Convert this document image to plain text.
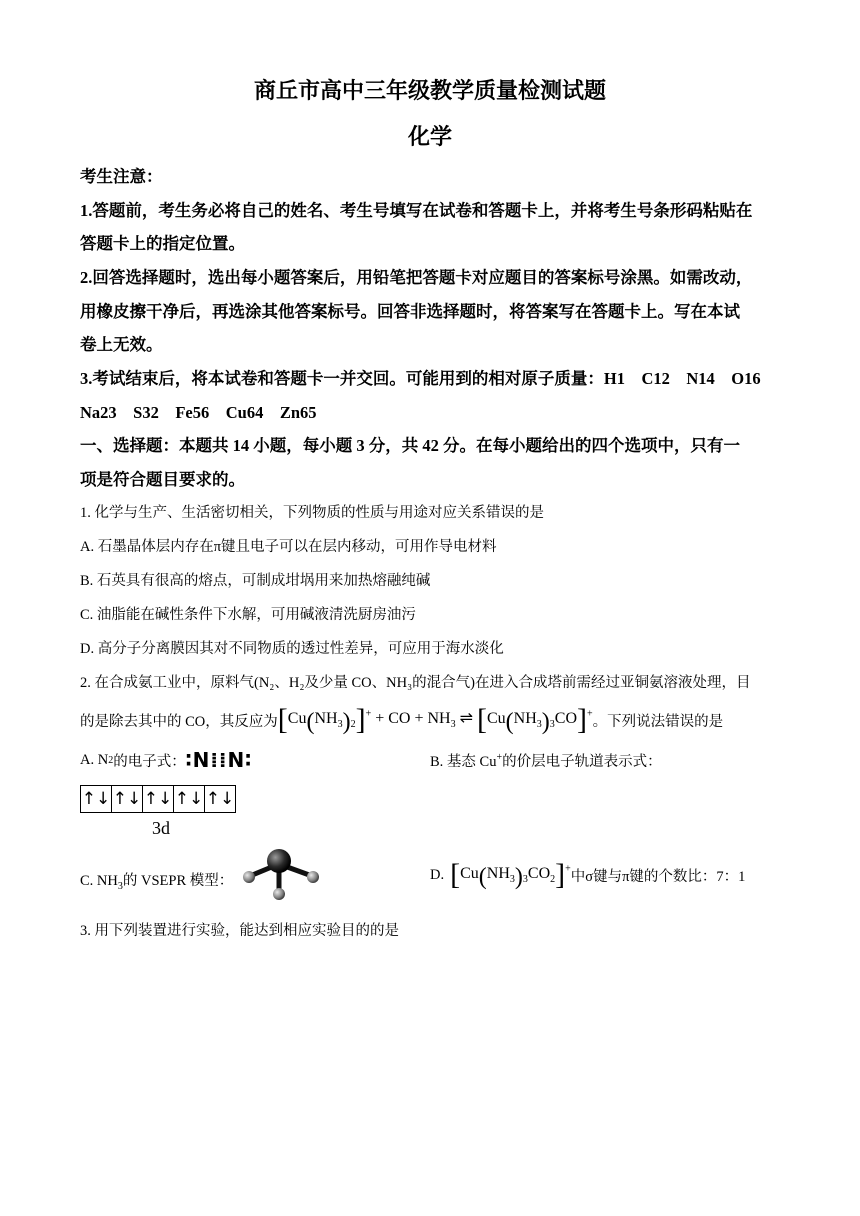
商丘市高中三年级教学质量检测试题
化学
考生注意：
1.答题前，考生务必将自己的姓名、考生号填写在试卷和答题卡上，并将考生号条形码粘贴在
答题卡上的指定位置。
2.回答选择题时，选出每小题答案后，用铅笔把答题卡对应题目的答案标号涂黑。如需改动，
用橡皮擦干净后，再选涂其他答案标号。回答非选择题时，将答案写在答题卡上。写在本试
卷上无效。
3.考试结束后，将本试卷和答题卡一并交回。可能用到的相对原子质量：H1　C12　N14　O16
Na23　S32　Fe56　Cu64　Zn65
一、选择题：本题共 14 小题，每小题 3 分，共 42 分。在每小题给出的四个选项中，只有一
项是符合题目要求的。
1. 化学与生产、生活密切相关，下列物质的性质与用途对应关系错误的是
A. 石墨晶体层内存在π键且电子可以在层内移动，可用作导电材料
B. 石英具有很高的熔点，可制成坩埚用来加热熔融纯碱
C. 油脂能在碱性条件下水解，可用碱液清洗厨房油污
D. 高分子分离膜因其对不同物质的透过性差异，可应用于海水淡化
2. 在合成氨工业中，原料气(N₂、H₂及少量 CO、NH₃的混合气)在进入合成塔前需经过亚铜氨溶液处理，目
的是除去其中的 CO，其反应为 $[Cu(NH_3)_2]^+$ + CO + $NH_3$ ⇌ $[Cu(NH_3)_3CO]^+$ 。下列说法错误的是
A. N 2 的电子式： ∶N⁞⁞N∶	B. 基态 Cu+的价层电子轨道表示式：
↑↓	↑↓	↑↓	↑↓	↑↓
3d
C. $NH_3$的 VSEPR 模型：	D. $[Cu(NH_3)_3CO_2]^+$ 中σ键与π键的个数比：7：1
3. 用下列装置进行实验，能达到相应实验目的的是
